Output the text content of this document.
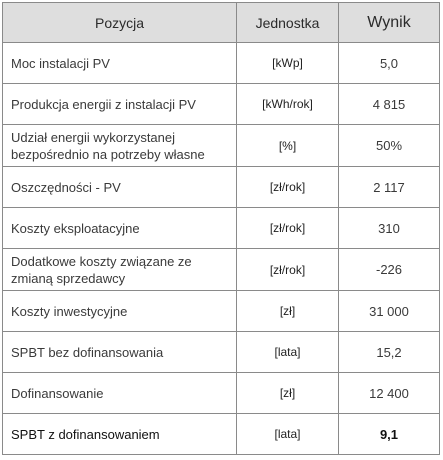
Pozycja	Jednostka	Wynik
Moc instalacji PV	[kWp]	5,0
Produkcja energii z instalacji PV	[kWh/rok]	4 815
Udział energii wykorzystanej bezpośrednio na potrzeby własne	[%]	50%
Oszczędności - PV	[zł/rok]	2 117
Koszty eksploatacyjne	[zł/rok]	310
Dodatkowe koszty związane ze zmianą sprzedawcy	[zł/rok]	-226
Koszty inwestycyjne	[zł]	31 000
SPBT bez dofinansowania	[lata]	15,2
Dofinansowanie	[zł]	12 400
SPBT z dofinansowaniem	[lata]	9,1
